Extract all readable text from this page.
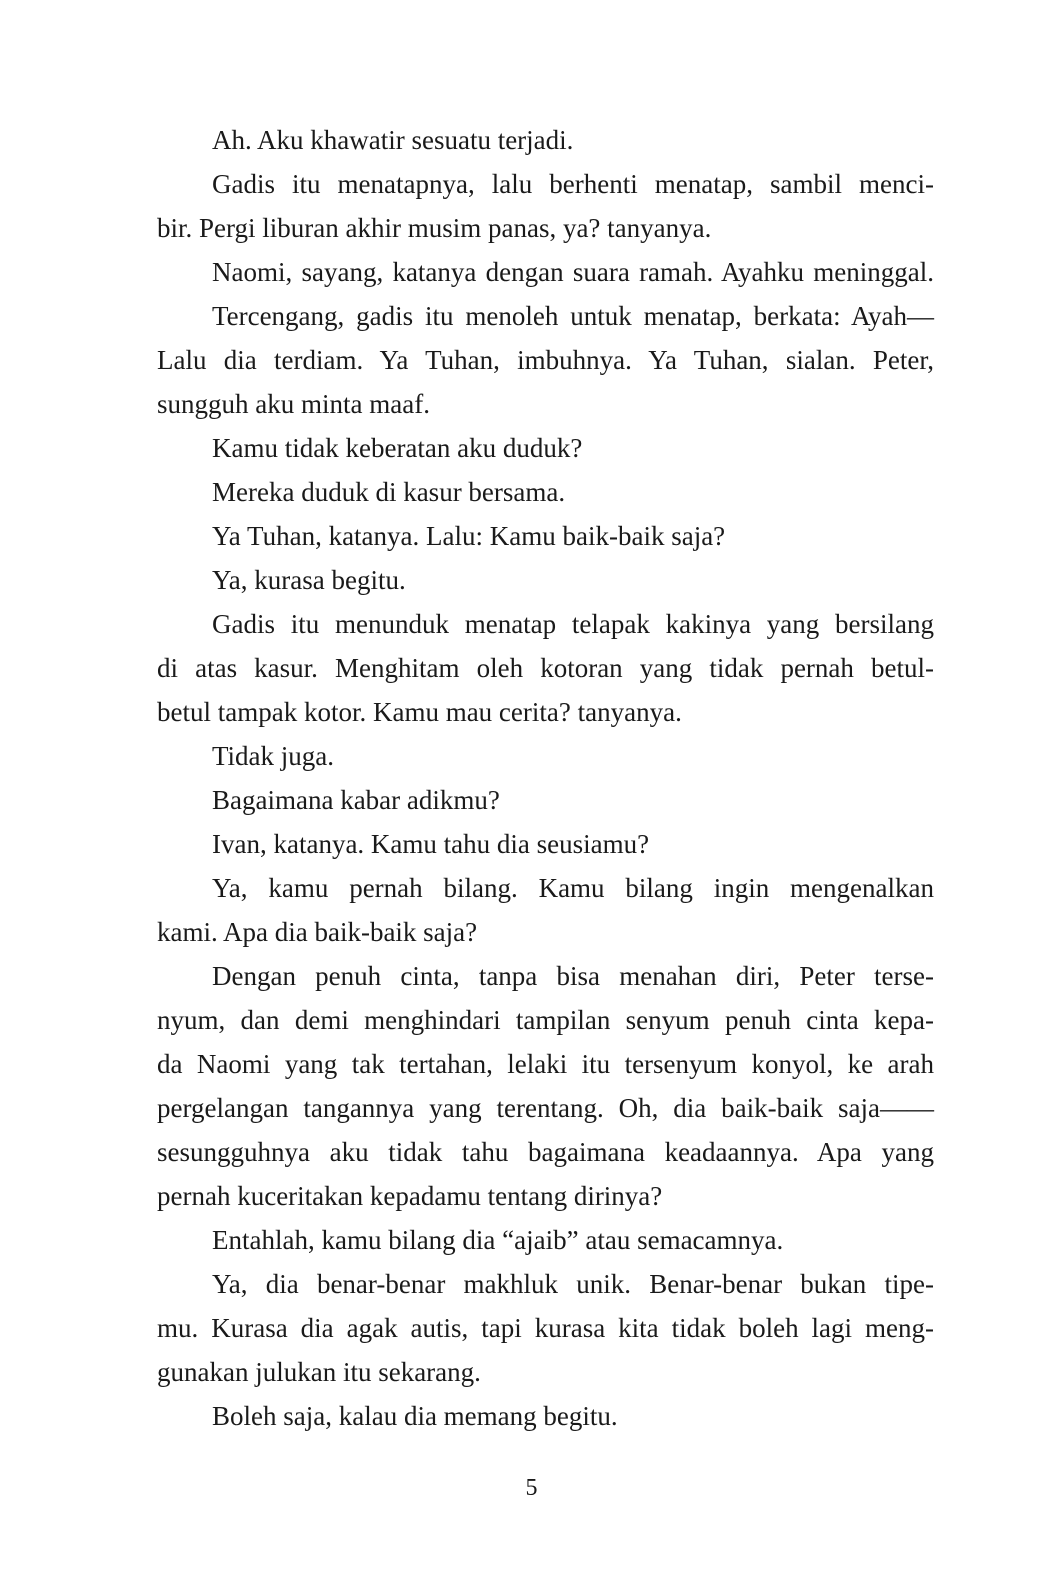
Ah. Aku khawatir sesuatu terjadi.
Gadis itu menatapnya, lalu berhenti menatap, sambil menci-
bir. Pergi liburan akhir musim panas, ya? tanyanya.
Naomi, sayang, katanya dengan suara ramah. Ayahku meninggal.
Tercengang, gadis itu menoleh untuk menatap, berkata: Ayah—
Lalu dia terdiam. Ya Tuhan, imbuhnya. Ya Tuhan, sialan. Peter,
sungguh aku minta maaf.
Kamu tidak keberatan aku duduk?
Mereka duduk di kasur bersama.
Ya Tuhan, katanya. Lalu: Kamu baik-baik saja?
Ya, kurasa begitu.
Gadis itu menunduk menatap telapak kakinya yang bersilang
di atas kasur. Menghitam oleh kotoran yang tidak pernah betul-
betul tampak kotor. Kamu mau cerita? tanyanya.
Tidak juga.
Bagaimana kabar adikmu?
Ivan, katanya. Kamu tahu dia seusiamu?
Ya, kamu pernah bilang. Kamu bilang ingin mengenalkan
kami. Apa dia baik-baik saja?
Dengan penuh cinta, tanpa bisa menahan diri, Peter terse-
nyum, dan demi menghindari tampilan senyum penuh cinta kepa-
da Naomi yang tak tertahan, lelaki itu tersenyum konyol, ke arah
pergelangan tangannya yang terentang. Oh, dia baik-baik saja——
sesungguhnya aku tidak tahu bagaimana keadaannya. Apa yang
pernah kuceritakan kepadamu tentang dirinya?
Entahlah, kamu bilang dia “ajaib” atau semacamnya.
Ya, dia benar-benar makhluk unik. Benar-benar bukan tipe-
mu. Kurasa dia agak autis, tapi kurasa kita tidak boleh lagi meng-
gunakan julukan itu sekarang.
Boleh saja, kalau dia memang begitu.
5
